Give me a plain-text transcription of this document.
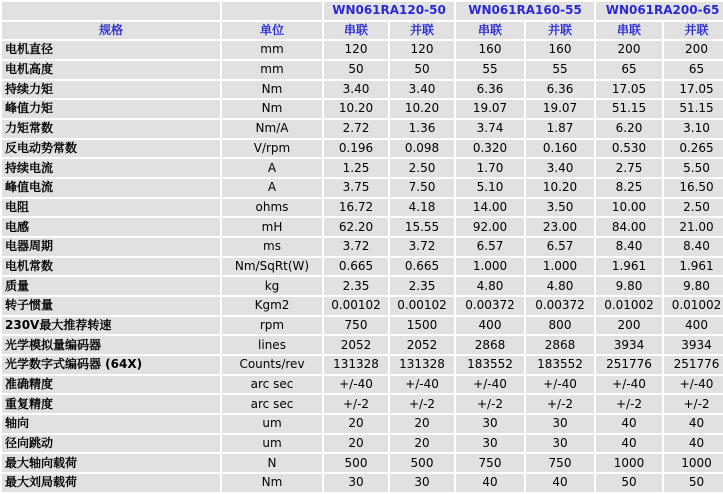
		WN061RA120-50		WN061RA160-55		WN061RA200-65	
规格	单位	串联	并联	串联	并联	串联	并联
电机直径	mm	120	120	160	160	200	200
电机高度	mm	50	50	55	55	65	65
持续力矩	Nm	3.40	3.40	6.36	6.36	17.05	17.05
峰值力矩	Nm	10.20	10.20	19.07	19.07	51.15	51.15
力矩常数	Nm/A	2.72	1.36	3.74	1.87	6.20	3.10
反电动势常数	V/rpm	0.196	0.098	0.320	0.160	0.530	0.265
持续电流	A	1.25	2.50	1.70	3.40	2.75	5.50
峰值电流	A	3.75	7.50	5.10	10.20	8.25	16.50
电阻	ohms	16.72	4.18	14.00	3.50	10.00	2.50
电感	mH	62.20	15.55	92.00	23.00	84.00	21.00
电器周期	ms	3.72	3.72	6.57	6.57	8.40	8.40
电机常数	Nm/SqRt(W)	0.665	0.665	1.000	1.000	1.961	1.961
质量	kg	2.35	2.35	4.80	4.80	9.80	9.80
转子惯量	Kgm2	0.00102	0.00102	0.00372	0.00372	0.01002	0.01002
230V最大推荐转速	rpm	750	1500	400	800	200	400
光学模拟量编码器	lines	2052	2052	2868	2868	3934	3934
光学数字式编码器 (64X)	Counts/rev	131328	131328	183552	183552	251776	251776
准确精度	arc sec	+/-40	+/-40	+/-40	+/-40	+/-40	+/-40
重复精度	arc sec	+/-2	+/-2	+/-2	+/-2	+/-2	+/-2
轴向	um	20	20	30	30	40	40
径向跳动	um	20	20	30	30	40	40
最大轴向载荷	N	500	500	750	750	1000	1000
最大刘局载荷	Nm	30	30	40	40	50	50
